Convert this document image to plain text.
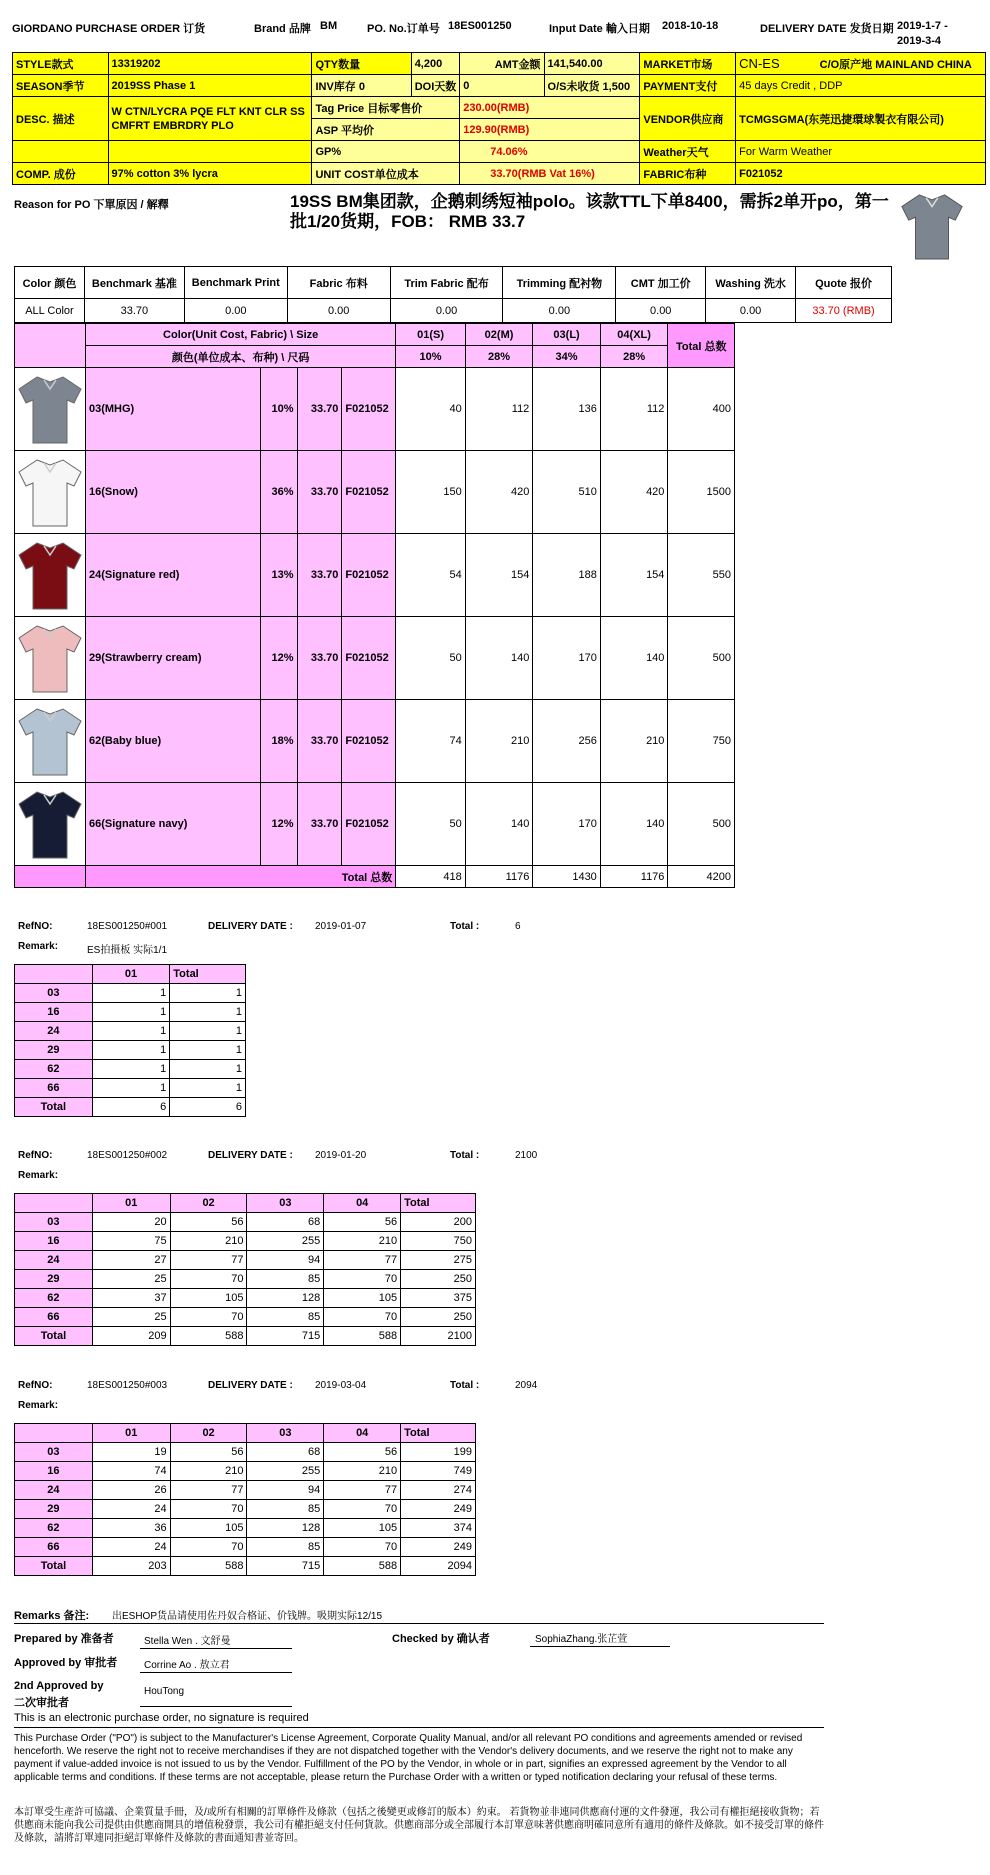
GIORDANO PURCHASE ORDER 订货	Brand 品牌 BM	PO. No.订单号 18ES001250	Input Date 輸入日期 2018-10-18	DELIVERY DATE 发货日期 2019-1-7 -
2019-3-4
STYLE款式	13319202	QTY数量	4,200	AMT金额	141,540.00	MARKET市场	CN-ES C/O原产地 MAINLAND CHINA
SEASON季节	2019SS Phase 1	INV库存 0	DOI天数	0	O/S未收货 1,500	PAYMENT支付	45 days Credit , DDP
DESC. 描述	W CTN/LYCRA PQE FLT KNT CLR SS CMFRT EMBRDRY PLO	Tag Price 目标零售价		230.00(RMB)		VENDOR供应商	TCMGSGMA(东莞迅捷環球製衣有限公司)
		ASP 平均价		129.90(RMB)			
		GP%		74.06%		Weather天气	For Warm Weather
COMP. 成份	97% cotton 3% lycra	UNIT COST单位成本		33.70(RMB Vat 16%)		FABRIC布种	F021052
Reason for PO 下單原因 / 解釋	19SS BM集团款，企鹅刺绣短袖polo。该款TTL下单8400，需拆2单开po，第一批1/20货期，FOB： RMB 33.7
Color 颜色	Benchmark 基准	Benchmark Print	Fabric 布料	Trim Fabric 配布	Trimming 配衬物	CMT 加工价	Washing 洗水	Quote 报价
ALL Color	33.70	0.00	0.00	0.00	0.00	0.00	0.00	33.70 (RMB)
	Color(Unit Cost, Fabric) \ Size				01(S)	02(M)	03(L)	04(XL)	Total 总数
	颜色(单位成本、布种) \ 尺码				10%	28%	34%	28%	

	03(MHG)	10%	33.70	F021052	40	112	136	112	400

	16(Snow)	36%	33.70	F021052	150	420	510	420	1500

	24(Signature red)	13%	33.70	F021052	54	154	188	154	550

	29(Strawberry cream)	12%	33.70	F021052	50	140	170	140	500

	62(Baby blue)	18%	33.70	F021052	74	210	256	210	750

	66(Signature navy)	12%	33.70	F021052	50	140	170	140	500
	Total 总数				418	1176	1430	1176	4200
RefNO:	18ES001250#001	DELIVERY DATE : 2019-01-07	Total :	6
Remark:	ES拍摄板 实际1/1
	01	Total
03	1	1
16	1	1
24	1	1
29	1	1
62	1	1
66	1	1
Total	6	6
RefNO:	18ES001250#002	DELIVERY DATE : 2019-01-20	Total :	2100
Remark:
	01	02	03	04	Total
03	20	56	68	56	200
16	75	210	255	210	750
24	27	77	94	77	275
29	25	70	85	70	250
62	37	105	128	105	375
66	25	70	85	70	250
Total	209	588	715	588	2100
RefNO:	18ES001250#003	DELIVERY DATE : 2019-03-04	Total :	2094
Remark:
	01	02	03	04	Total
03	19	56	68	56	199
16	74	210	255	210	749
24	26	77	94	77	274
29	24	70	85	70	249
62	36	105	128	105	374
66	24	70	85	70	249
Total	203	588	715	588	2094
Remarks 备注: 出ESHOP货品请使用佐丹奴合格证、价钱牌。吸期实际12/15
Prepared by 准备者	Stella Wen . 文舒曼	Checked by 确认者	SophiaZhang.张芷萱
Approved by 审批者	Corrine Ao . 敖立君
2nd Approved by
二次审批者
HouTong
This is an electronic purchase order, no signature is required
This Purchase Order ("PO") is subject to the Manufacturer's License Agreement, Corporate Quality Manual, and/or all relevant PO conditions and agreements amended or revised henceforth. We reserve the right not to receive merchandises if they are not dispatched together with the Vendor's delivery documents, and we reserve the right not to make any payment if value-added invoice is not issued to us by the Vendor. Fulfillment of the PO by the Vendor, in whole or in part, signifies an expressed agreement by the Vendor to all applicable terms and conditions. If these terms are not acceptable, please return the Purchase Order with a written or typed notification declaring your refusal of these terms.
本訂單受生產許可協議、企業質量手冊，及/或所有相關的訂單條件及條款（包括之後變更或修訂的版本）約束。 若貨物並非連同供應商付運的文件發運，我公司有權拒絕接收貨物；若供應商未能向我公司提供由供應商開具的增值稅發票，我公司有權拒絕支付任何貨款。供應商部分或全部履行本訂單意味著供應商明確同意所有適用的條件及條款。如不接受訂單的條件及條款，請將訂單連同拒絕訂單條件及條款的書面通知書並寄回。
